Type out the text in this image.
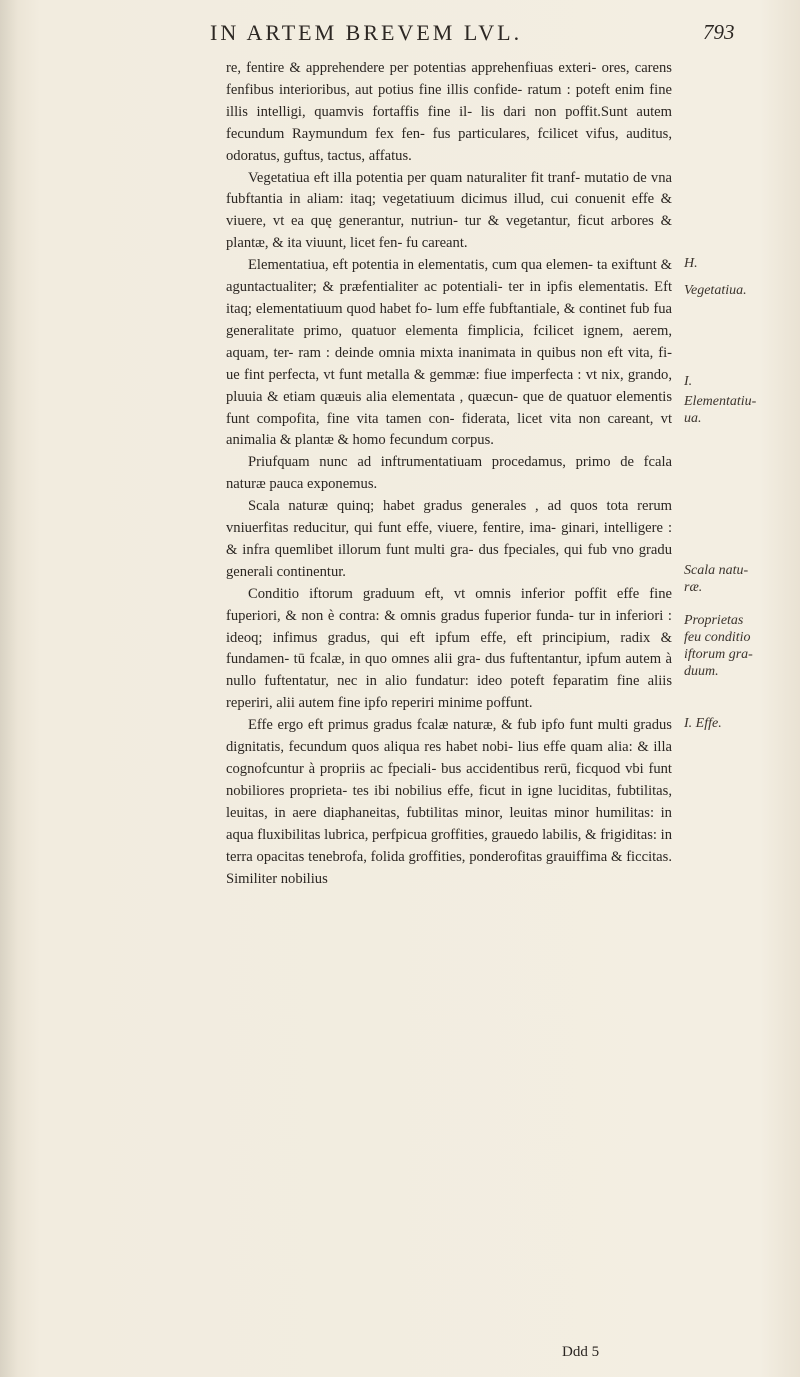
IN ARTEM BREVEM LVL.	793

re, fentire & apprehendere per potentias apprehenfiuas exteri- ores, carens fenfibus interioribus, aut potius fine illis confide- ratum : poteft enim fine illis intelligi, quamvis fortaffis fine il- lis dari non poffit.Sunt autem fecundum Raymundum fex fen- fus particulares, fcilicet vifus, auditus, odoratus, guftus, tactus, affatus.

Vegetatiua eft illa potentia per quam naturaliter fit tranf- mutatio de vna fubftantia in aliam: itaq; vegetatiuum dicimus illud, cui conuenit effe & viuere, vt ea quę generantur, nutriun- tur & vegetantur, ficut arbores & plantæ, & ita viuunt, licet fen- fu careant.

Elementatiua, eft potentia in elementatis, cum qua elemen- ta exiftunt & aguntactualiter; & præfentialiter ac potentiali- ter in ipfis elementatis. Eft itaq; elementatiuum quod habet fo- lum effe fubftantiale, & continet fub fua generalitate primo, quatuor elementa fimplicia, fcilicet ignem, aerem, aquam, ter- ram : deinde omnia mixta inanimata in quibus non eft vita, fi- ue fint perfecta, vt funt metalla & gemmæ: fiue imperfecta : vt nix, grando, pluuia & etiam quæuis alia elementata , quæcun- que de quatuor elementis funt compofita, fine vita tamen con- fiderata, licet vita non careant, vt animalia & plantæ & homo fecundum corpus.

Priufquam nunc ad inftrumentatiuam procedamus, primo de fcala naturæ pauca exponemus.

Scala naturæ quinq; habet gradus generales , ad quos tota rerum vniuerfitas reducitur, qui funt effe, viuere, fentire, ima- ginari, intelligere : & infra quemlibet illorum funt multi gra- dus fpeciales, qui fub vno gradu generali continentur.

Conditio iftorum graduum eft, vt omnis inferior poffit effe fine fuperiori, & non è contra: & omnis gradus fuperior funda- tur in inferiori : ideoq; infimus gradus, qui eft ipfum effe, eft principium, radix & fundamen- tū fcalæ, in quo omnes alii gra- dus fuftentantur, ipfum autem à nullo fuftentatur, nec in alio fundatur: ideo poteft feparatim fine aliis reperiri, alii autem fine ipfo reperiri minime poffunt.

Effe ergo eft primus gradus fcalæ naturæ, & fub ipfo funt multi gradus dignitatis, fecundum quos aliqua res habet nobi- lius effe quam alia: & illa cognofcuntur à propriis ac fpeciali- bus accidentibus rerū, ficquod vbi funt nobiliores proprieta- tes ibi nobilius effe, ficut in igne luciditas, fubtilitas, leuitas, in aere diaphaneitas, fubtilitas minor, leuitas minor humilitas: in aqua fluxibilitas lubrica, perfpicua groffities, grauedo labilis, & frigiditas: in terra opacitas tenebrofa, folida groffities, ponderofitas grauiffima & ficcitas. Similiter nobilius

H.
Vegetatiua.
I.
Elementatiu-
ua.
Scala natu-
ræ.
Proprietas
feu conditio
iftorum gra-
duum.
I. Effe.
Ddd 5
